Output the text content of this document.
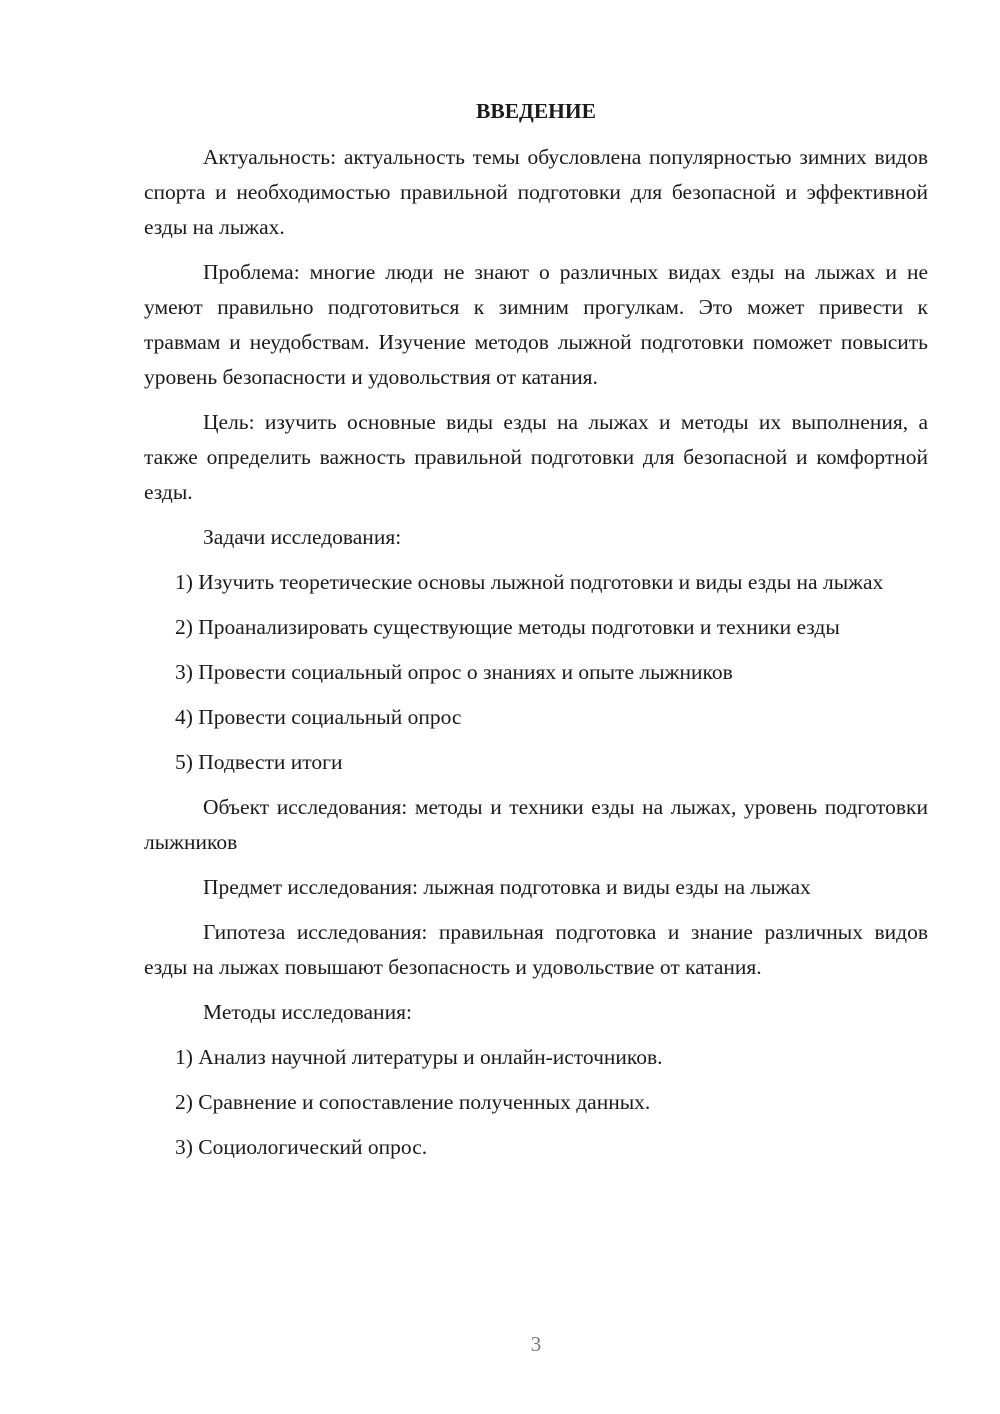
ВВЕДЕНИЕ

Актуальность: актуальность темы обусловлена популярностью зимних видов спорта и необходимостью правильной подготовки для безопасной и эффективной езды на лыжах.

Проблема: многие люди не знают о различных видах езды на лыжах и не умеют правильно подготовиться к зимним прогулкам. Это может привести к травмам и неудобствам. Изучение методов лыжной подготовки поможет повысить уровень безопасности и удовольствия от катания.

Цель: изучить основные виды езды на лыжах и методы их выполнения, а также определить важность правильной подготовки для безопасной и комфортной езды.

Задачи исследования:

1) Изучить теоретические основы лыжной подготовки и виды езды на лыжах

2) Проанализировать существующие методы подготовки и техники езды

3) Провести социальный опрос о знаниях и опыте лыжников

4) Провести социальный опрос

5) Подвести итоги

Объект исследования: методы и техники езды на лыжах, уровень подготовки лыжников

Предмет исследования: лыжная подготовка и виды езды на лыжах

Гипотеза исследования: правильная подготовка и знание различных видов езды на лыжах повышают безопасность и удовольствие от катания.

Методы исследования:

1) Анализ научной литературы и онлайн-источников.

2) Сравнение и сопоставление полученных данных.

3) Социологический опрос.

3
